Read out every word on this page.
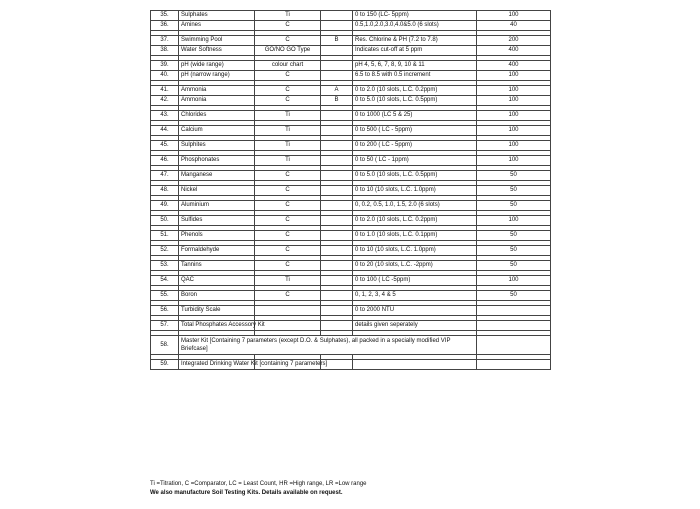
35.	Sulphates	Ti		0 to 150 (LC- 5ppm)	100
36.	Amines	C		0.5,1.0,2.0,3.0,4.0&5.0 (6 slots)	40

37.	Swimming Pool	C	B	Res. Chlorine & PH (7.2 to 7.8)	200
38.	Water Softness	GO/NO GO Type		Indicates cut-off at 5 ppm	400

39.	pH (wide range)	colour chart		pH 4, 5, 6, 7, 8, 9, 10 & 11	400
40.	pH (narrow range)	C		6.5 to 8.5 with 0.5 increment	100

41.	Ammonia	C	A	0 to 2.0 (10 slots, L.C. 0.2ppm)	100
42.	Ammonia	C	B	0 to 5.0 (10 slots, L.C. 0.5ppm)	100

43.	Chlorides	Ti		0 to 1000 (LC 5 & 25)	100

44.	Calcium	Ti		0 to 500 ( LC - 5ppm)	100

45.	Sulphites	Ti		0 to 200 ( LC - 5ppm)	100

46.	Phosphonates	Ti		0 to 50 ( LC - 1ppm)	100

47.	Manganese	C		0 to 5.0 (10 slots, L.C. 0.5ppm)	50

48.	Nickel	C		0 to 10 (10 slots, L.C. 1.0ppm)	50

49.	Aluminium	C		0, 0.2, 0.5, 1.0, 1.5, 2.0 (6 slots)	50

50.	Sulfides	C		0 to 2.0 (10 slots, L.C. 0.2ppm)	100

51.	Phenols	C		0 to 1.0 (10 slots, L.C. 0.1ppm)	50

52.	Formaldehyde	C		0 to 10 (10 slots, L.C. 1.0ppm)	50

53.	Tannins	C		0 to 20 (10 slots, L.C. -2ppm)	50

54.	QAC	Ti		0 to 100 ( LC -5ppm)	100

55.	Boron	C		0, 1, 2, 3, 4 & 5	50

56.	Turbidity Scale			0 to 2000 NTU	

57.	Total Phosphates Accessory Kit			details given seperately	

58.	Master Kit [Containing 7 parameters (except D.O. & Sulphates), all packed in a specially modified VIP Briefcase]				

59.	Integrated Drinking Water Kit [containing 7 parameters]				
Ti =Titration, C =Comparator, LC = Least Count, HR =High range, LR =Low range
We also manufacture Soil Testing Kits. Details available on request.
